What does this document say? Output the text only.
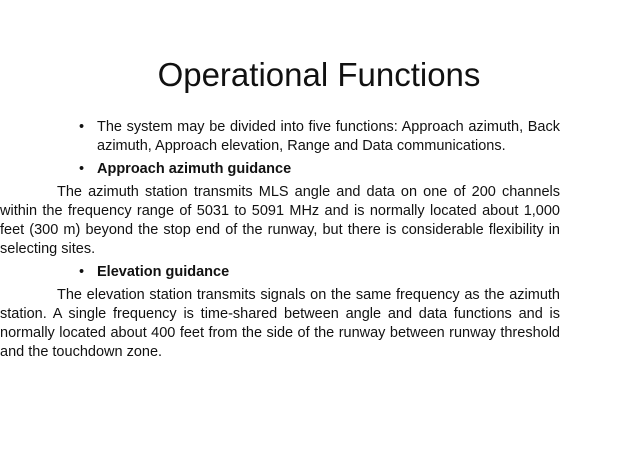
Operational Functions
• The system may be divided into five functions: Approach azimuth, Back azimuth, Approach elevation, Range and Data communications.
• Approach azimuth guidance
The azimuth station transmits MLS angle and data on one of 200 channels within the frequency range of 5031 to 5091 MHz and is normally located about 1,000 feet (300 m) beyond the stop end of the runway, but there is considerable flexibility in selecting sites.
• Elevation guidance
The elevation station transmits signals on the same frequency as the azimuth station. A single frequency is time-shared between angle and data functions and is normally located about 400 feet from the side of the runway between runway threshold and the touchdown zone.
